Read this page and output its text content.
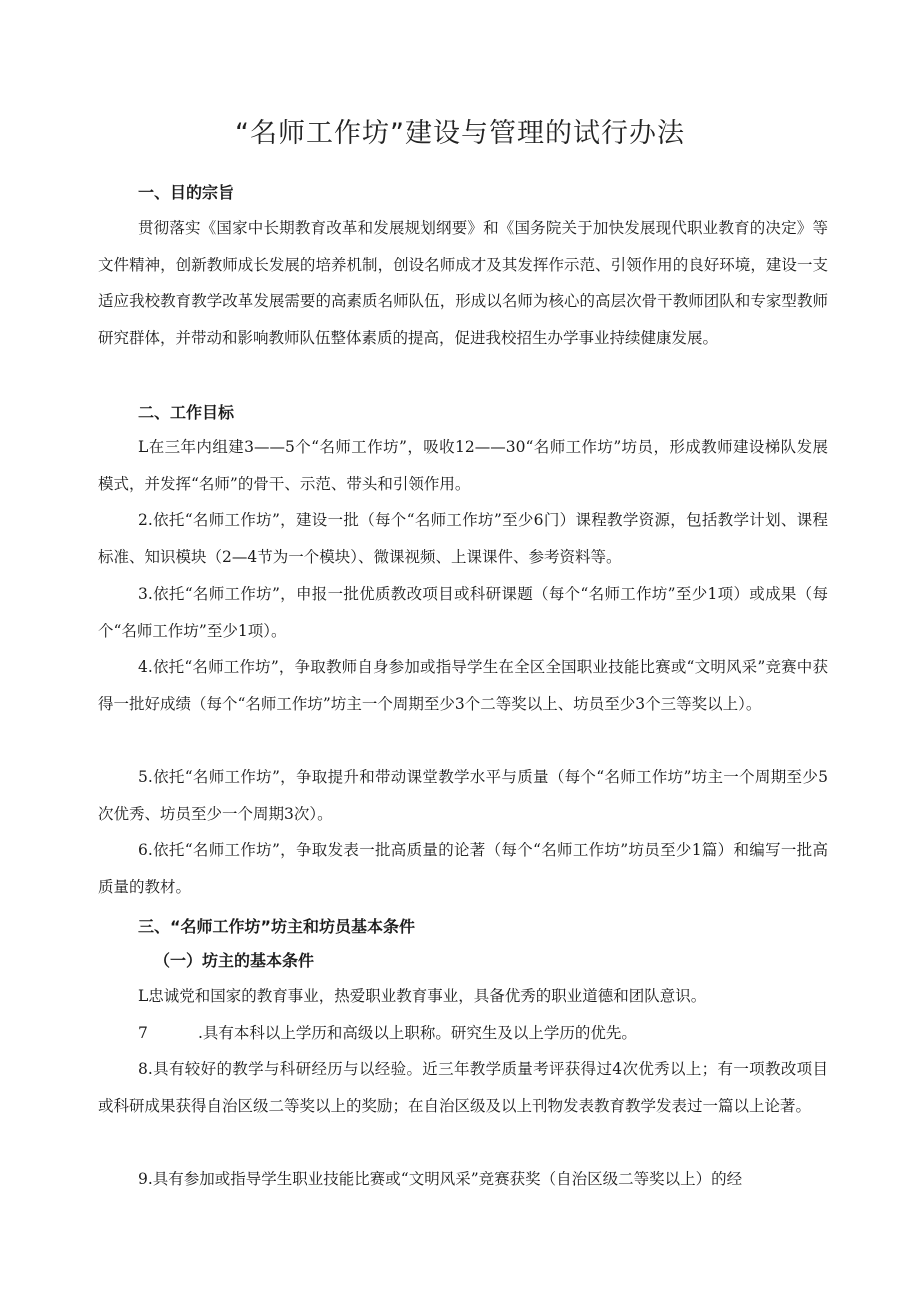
“名师工作坊”建设与管理的试行办法
一、目的宗旨
贯彻落实《国家中长期教育改革和发展规划纲要》和《国务院关于加快发展现代职业教育的决定》等文件精神，创新教师成长发展的培养机制，创设名师成才及其发挥作示范、引领作用的良好环境，建设一支适应我校教育教学改革发展需要的高素质名师队伍，形成以名师为核心的高层次骨干教师团队和专家型教师研究群体，并带动和影响教师队伍整体素质的提高，促进我校招生办学事业持续健康发展。
二、工作目标
L在三年内组建3——5个“名师工作坊”，吸收12——30“名师工作坊”坊员，形成教师建设梯队发展模式，并发挥“名师”的骨干、示范、带头和引领作用。
2.依托“名师工作坊”，建设一批（每个“名师工作坊”至少6门）课程教学资源，包括教学计划、课程标准、知识模块（2—4节为一个模块）、微课视频、上课课件、参考资料等。
3.依托“名师工作坊”，申报一批优质教改项目或科研课题（每个“名师工作坊”至少1项）或成果（每个“名师工作坊”至少1项）。
4.依托“名师工作坊”，争取教师自身参加或指导学生在全区全国职业技能比赛或“文明风采”竞赛中获得一批好成绩（每个“名师工作坊”坊主一个周期至少3个二等奖以上、坊员至少3个三等奖以上）。
5.依托“名师工作坊”，争取提升和带动课堂教学水平与质量（每个“名师工作坊”坊主一个周期至少5次优秀、坊员至少一个周期3次）。
6.依托“名师工作坊”，争取发表一批高质量的论著（每个“名师工作坊”坊员至少1篇）和编写一批高质量的教材。
三、“名师工作坊”坊主和坊员基本条件
（一）坊主的基本条件
L忠诚党和国家的教育事业，热爱职业教育事业，具备优秀的职业道德和团队意识。
7	.具有本科以上学历和高级以上职称。研究生及以上学历的优先。
8.具有较好的教学与科研经历与以经验。近三年教学质量考评获得过4次优秀以上；有一项教改项目或科研成果获得自治区级二等奖以上的奖励；在自治区级及以上刊物发表教育教学发表过一篇以上论著。
9.具有参加或指导学生职业技能比赛或“文明风采”竞赛获奖（自治区级二等奖以上）的经
